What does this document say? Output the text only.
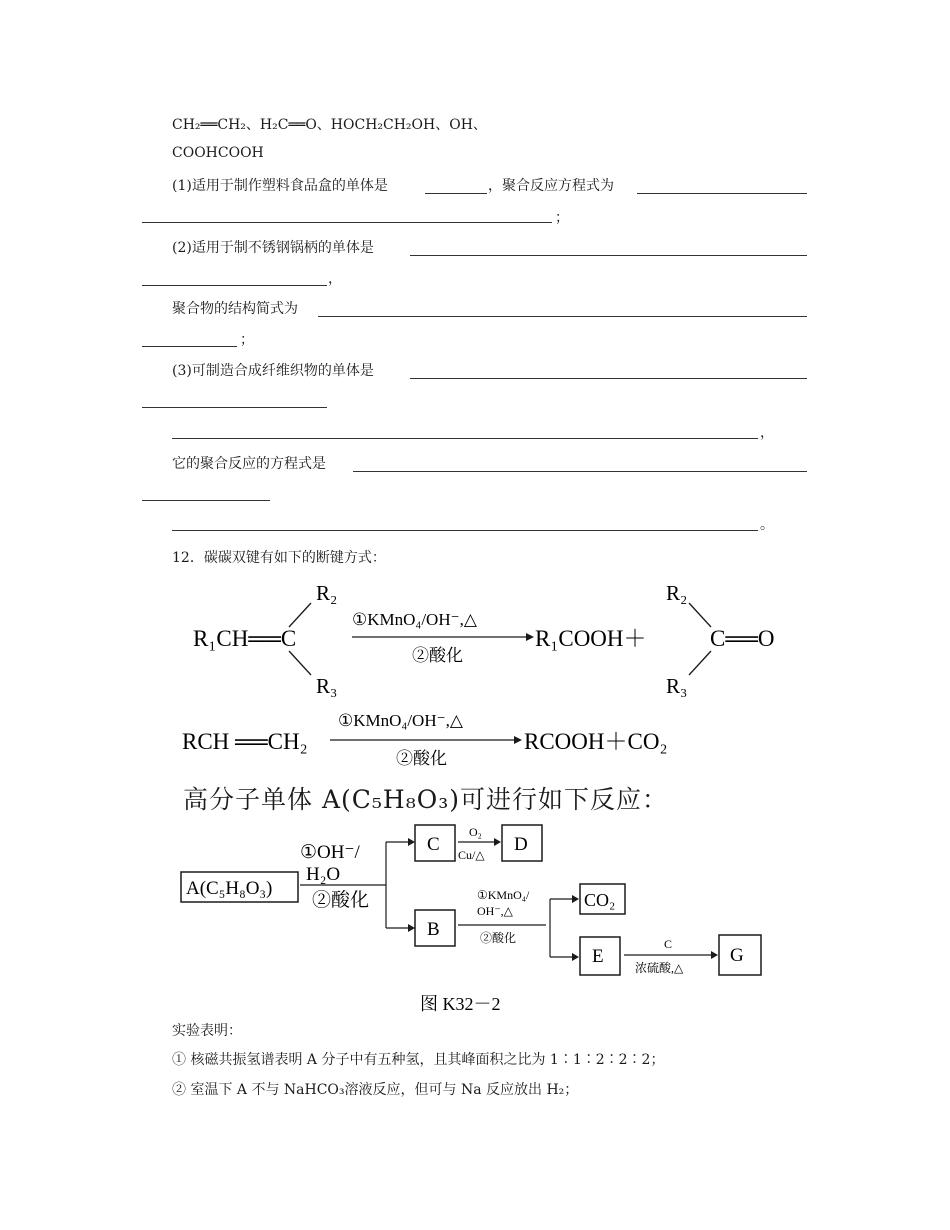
CH₂══CH₂、H₂C══O、HOCH₂CH₂OH、OH、
COOHCOOH
(1)适用于制作塑料食品盒的单体是	，聚合反应方程式为
；
(2)适用于制不锈钢锅柄的单体是
，
聚合物的结构简式为
；
(3)可制造合成纤维织物的单体是
，
它的聚合反应的方程式是
。
12．碳碳双键有如下的断键方式：
R₁CH══C
R₂
R₃
①KMnO₄/OH⁻,△
②酸化
R₁COOH＋
R₂
R₃
C══O
RCH ══CH₂
①KMnO₄/OH⁻,△
②酸化
RCOOH＋CO₂
A(C₅H₈O₃)
①OH⁻/
H₂O
②酸化
C
O₂
Cu/△ D
B
①KMnO₄/
OH⁻,△
②酸化
CO₂
E
C
浓硫酸,△
G
图 K32－2
高分子单体 A(C₅H₈O₃)可进行如下反应：
实验表明：
① 核磁共振氢谱表明 A 分子中有五种氢，且其峰面积之比为 1∶1∶2∶2∶2；
② 室温下 A 不与 NaHCO₃溶液反应，但可与 Na 反应放出 H₂；
